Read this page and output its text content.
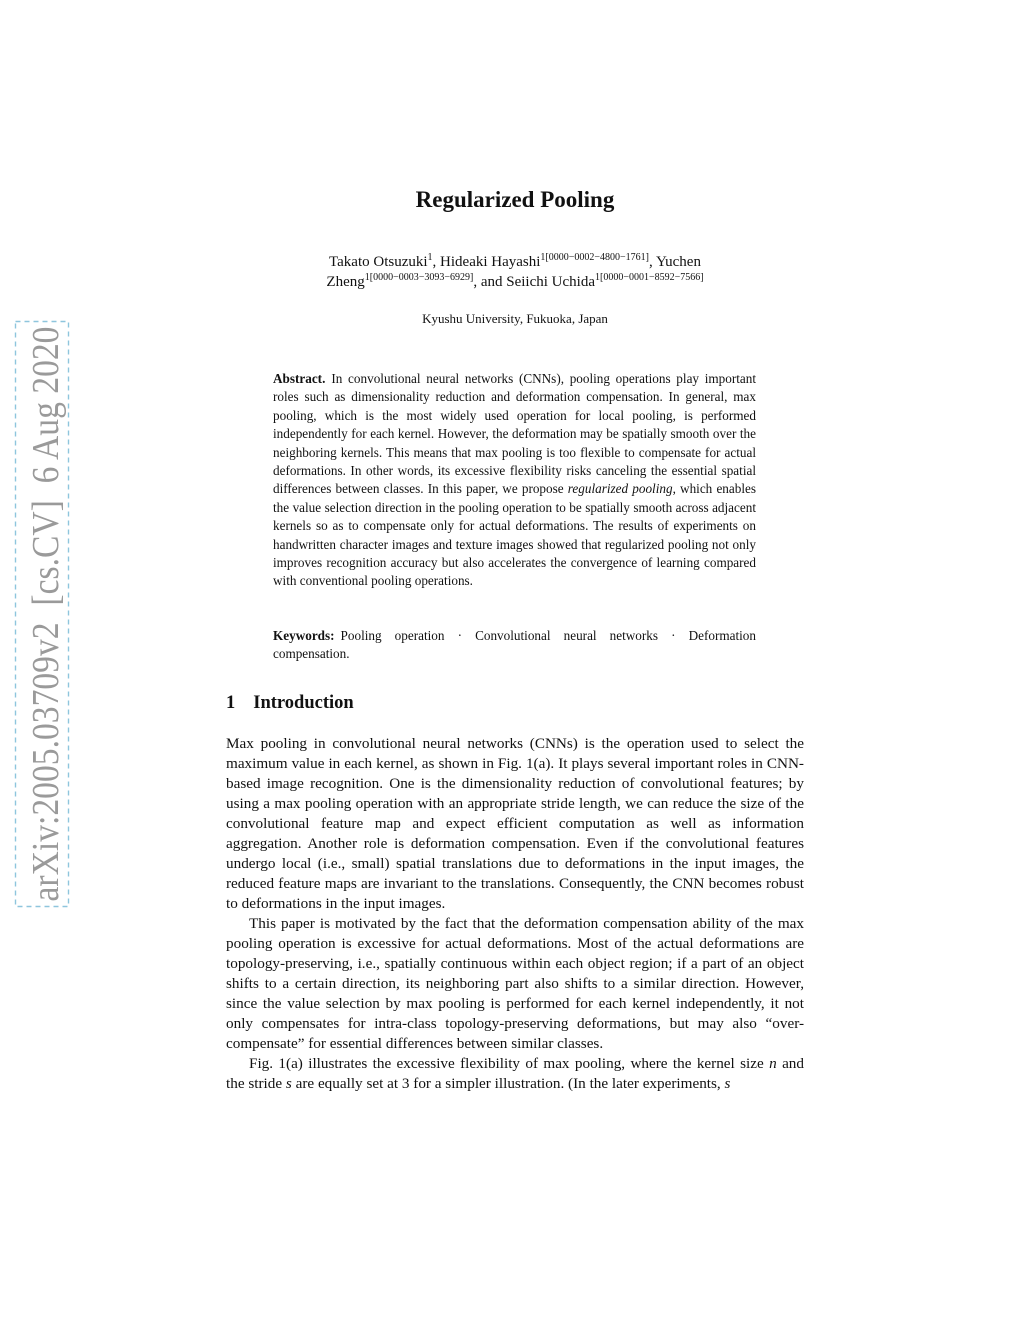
arXiv:2005.03709v2  [cs.CV]  6 Aug 2020
Regularized Pooling
Takato Otsuzuki$^1$, Hideaki Hayashi$^{1[0000-0002-4800-1761]}$, Yuchen
Zheng$^{1[0000-0003-3093-6929]}$, and Seiichi Uchida$^{1[0000-0001-8592-7566]}$
Kyushu University, Fukuoka, Japan
Abstract. In convolutional neural networks (CNNs), pooling operations play important roles such as dimensionality reduction and deformation compensation. In general, max pooling, which is the most widely used operation for local pooling, is performed independently for each kernel. However, the deformation may be spatially smooth over the neighboring kernels. This means that max pooling is too flexible to compensate for actual deformations. In other words, its excessive flexibility risks canceling the essential spatial differences between classes. In this paper, we propose regularized pooling, which enables the value selection direction in the pooling operation to be spatially smooth across adjacent kernels so as to compensate only for actual deformations. The results of experiments on handwritten character images and texture images showed that regularized pooling not only improves recognition accuracy but also accelerates the convergence of learning compared with conventional pooling operations.
Keywords: Pooling operation · Convolutional neural networks · Deformation compensation.
1 Introduction

Max pooling in convolutional neural networks (CNNs) is the operation used to select the maximum value in each kernel, as shown in Fig. 1(a). It plays several important roles in CNN-based image recognition. One is the dimensionality reduction of convolutional features; by using a max pooling operation with an appropriate stride length, we can reduce the size of the convolutional feature map and expect efficient computation as well as information aggregation. Another role is deformation compensation. Even if the convolutional features undergo local (i.e., small) spatial translations due to deformations in the input images, the reduced feature maps are invariant to the translations. Consequently, the CNN becomes robust to deformations in the input images.

This paper is motivated by the fact that the deformation compensation ability of the max pooling operation is excessive for actual deformations. Most of the actual deformations are topology-preserving, i.e., spatially continuous within each object region; if a part of an object shifts to a certain direction, its neighboring part also shifts to a similar direction. However, since the value selection by max pooling is performed for each kernel independently, it not only compensates for intra-class topology-preserving deformations, but may also “over-compensate” for essential differences between similar classes.

Fig. 1(a) illustrates the excessive flexibility of max pooling, where the kernel size n and the stride s are equally set at 3 for a simpler illustration. (In the later experiments, s
